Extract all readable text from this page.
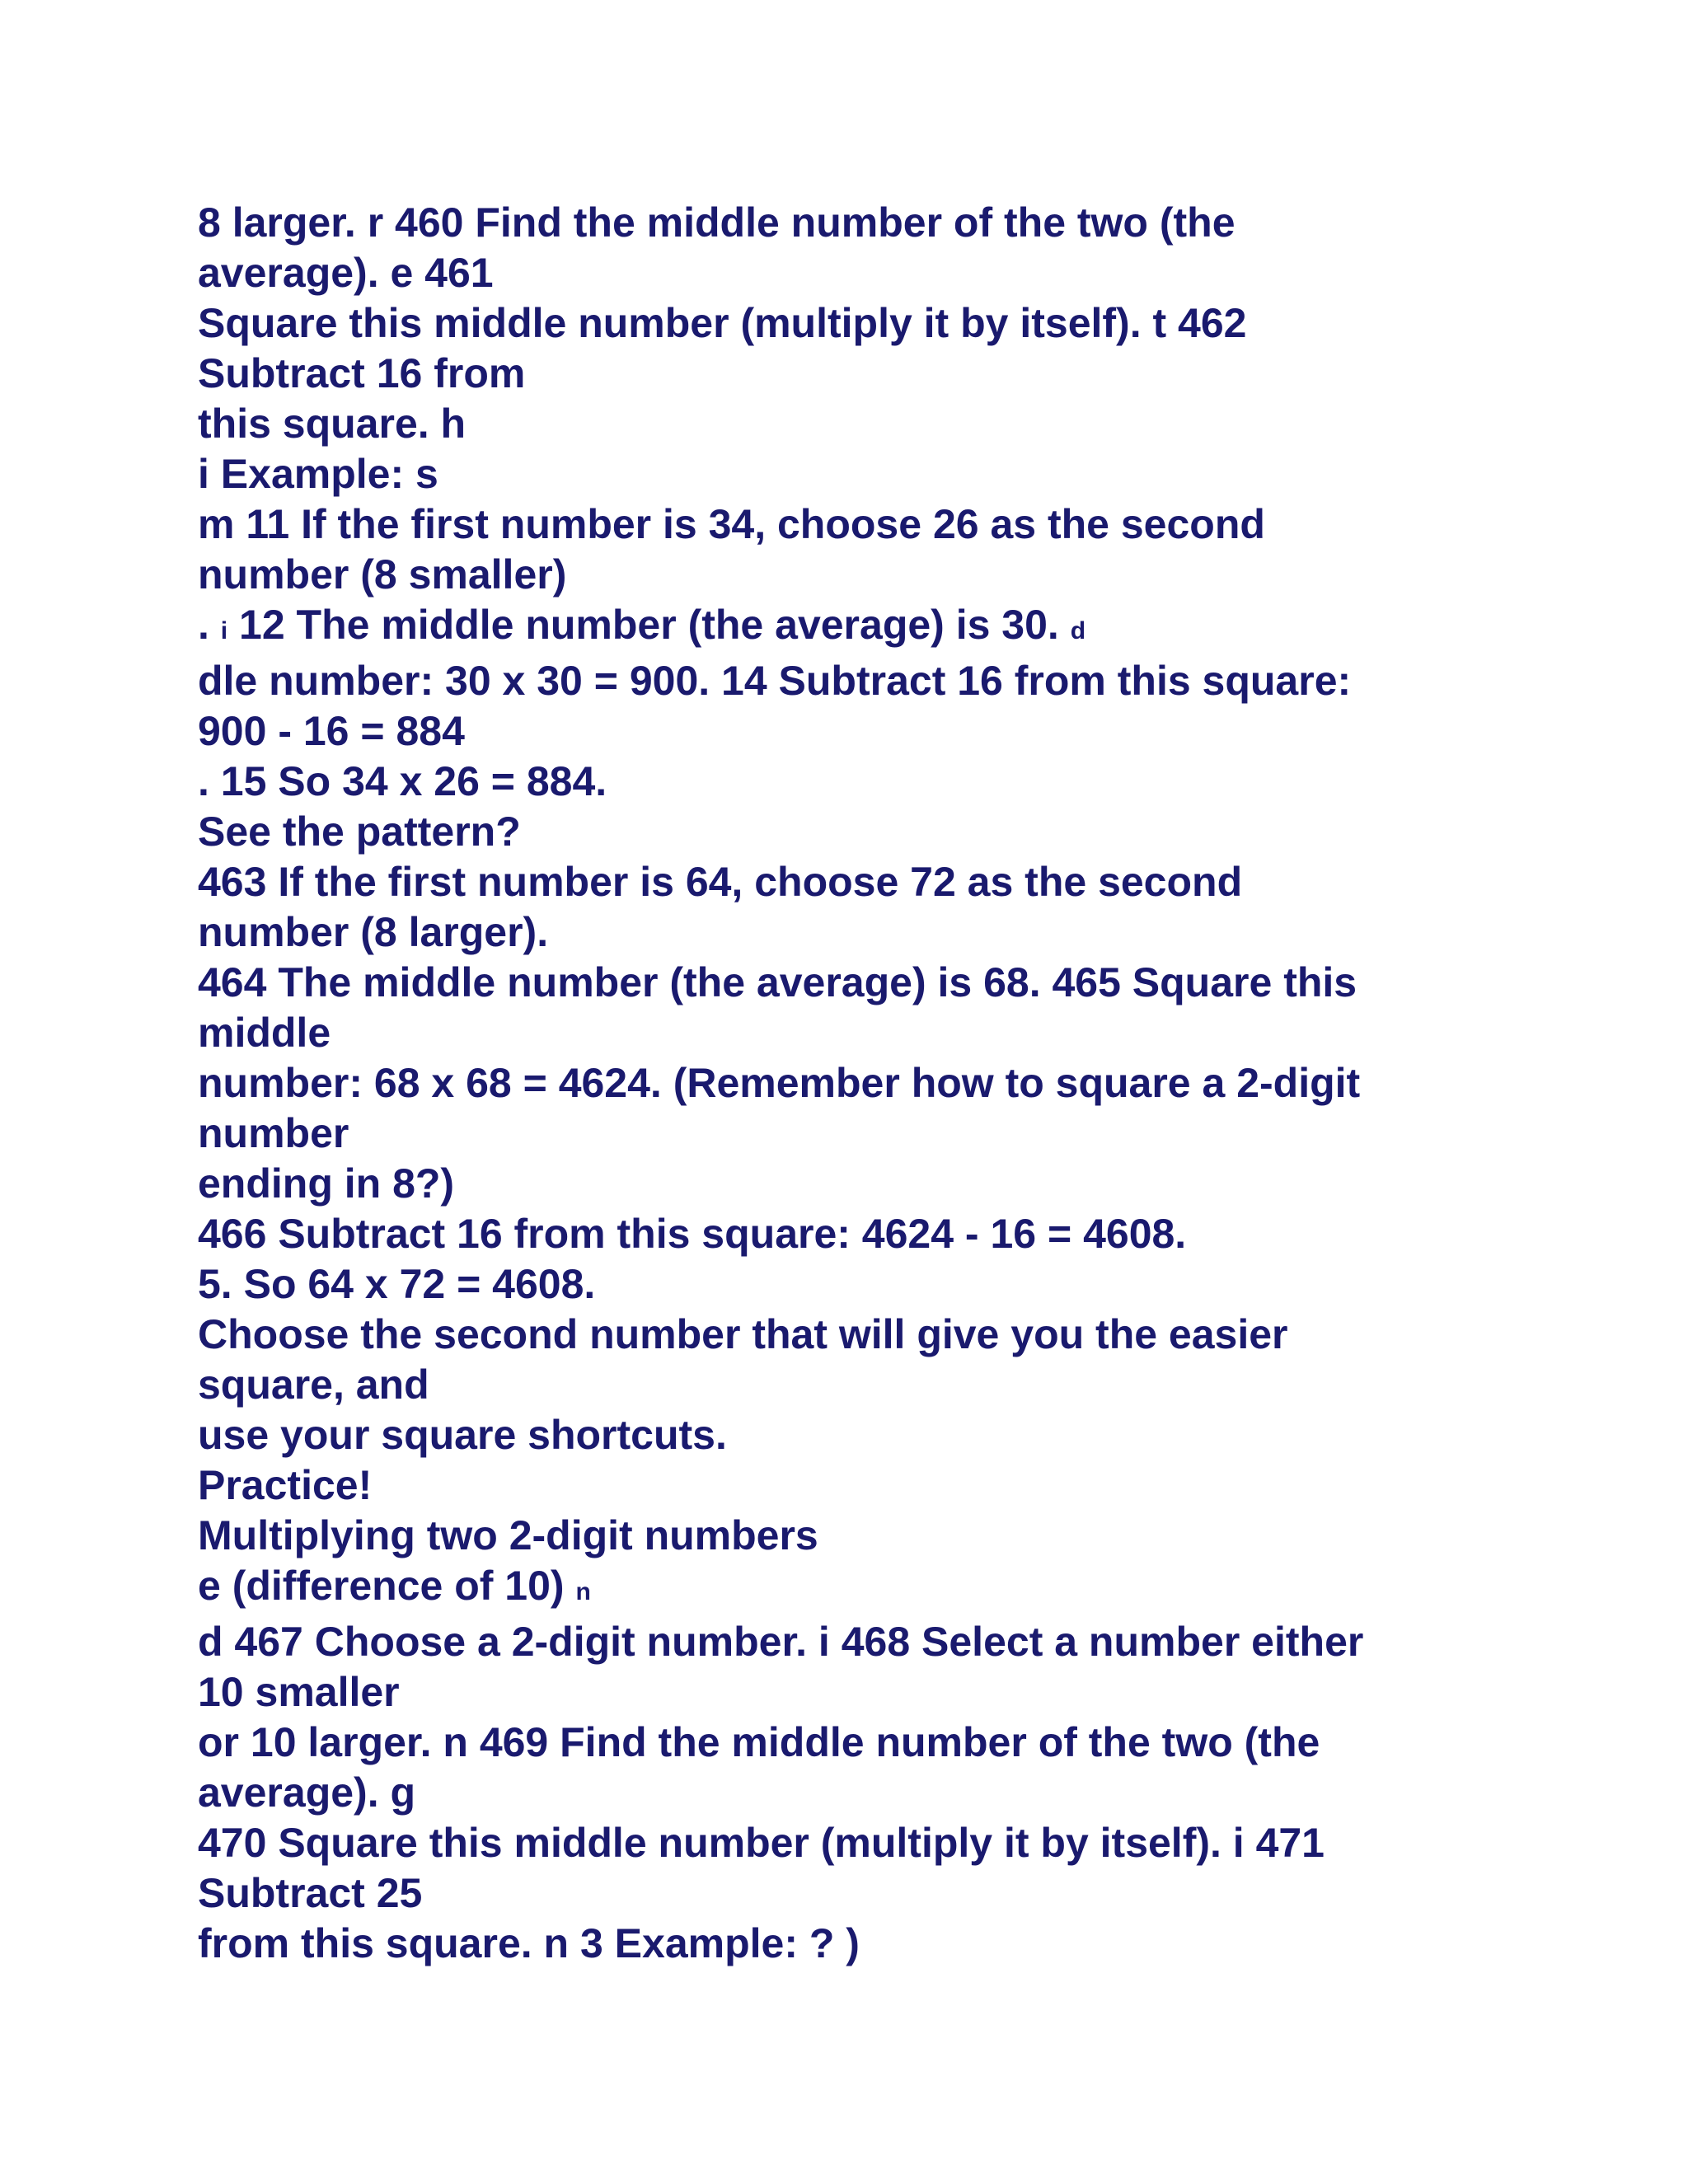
8 larger. r 460 Find the middle number of the two (the
average). e 461
Square this middle number (multiply it by itself). t 462
Subtract 16 from
this square. h
i Example: s
m 11 If the first number is 34, choose 26 as the second
number (8 smaller)
. i 12 The middle number (the average) is 30. d
dle number: 30 x 30 = 900. 14 Subtract 16 from this square:
900 - 16 = 884
. 15 So 34 x 26 = 884.
See the pattern?
463 If the first number is 64, choose 72 as the second
number (8 larger).
464 The middle number (the average) is 68. 465 Square this
middle
number: 68 x 68 = 4624. (Remember how to square a 2-digit
number
ending in 8?)
466 Subtract 16 from this square: 4624 - 16 = 4608.
5. So 64 x 72 = 4608.
Choose the second number that will give you the easier
square, and
use your square shortcuts.
Practice!
Multiplying two 2-digit numbers
e (difference of 10) n
d 467 Choose a 2-digit number. i 468 Select a number either
10 smaller
or 10 larger. n 469 Find the middle number of the two (the
average). g
470 Square this middle number (multiply it by itself). i 471
Subtract 25
from this square. n 3 Example: ? )
